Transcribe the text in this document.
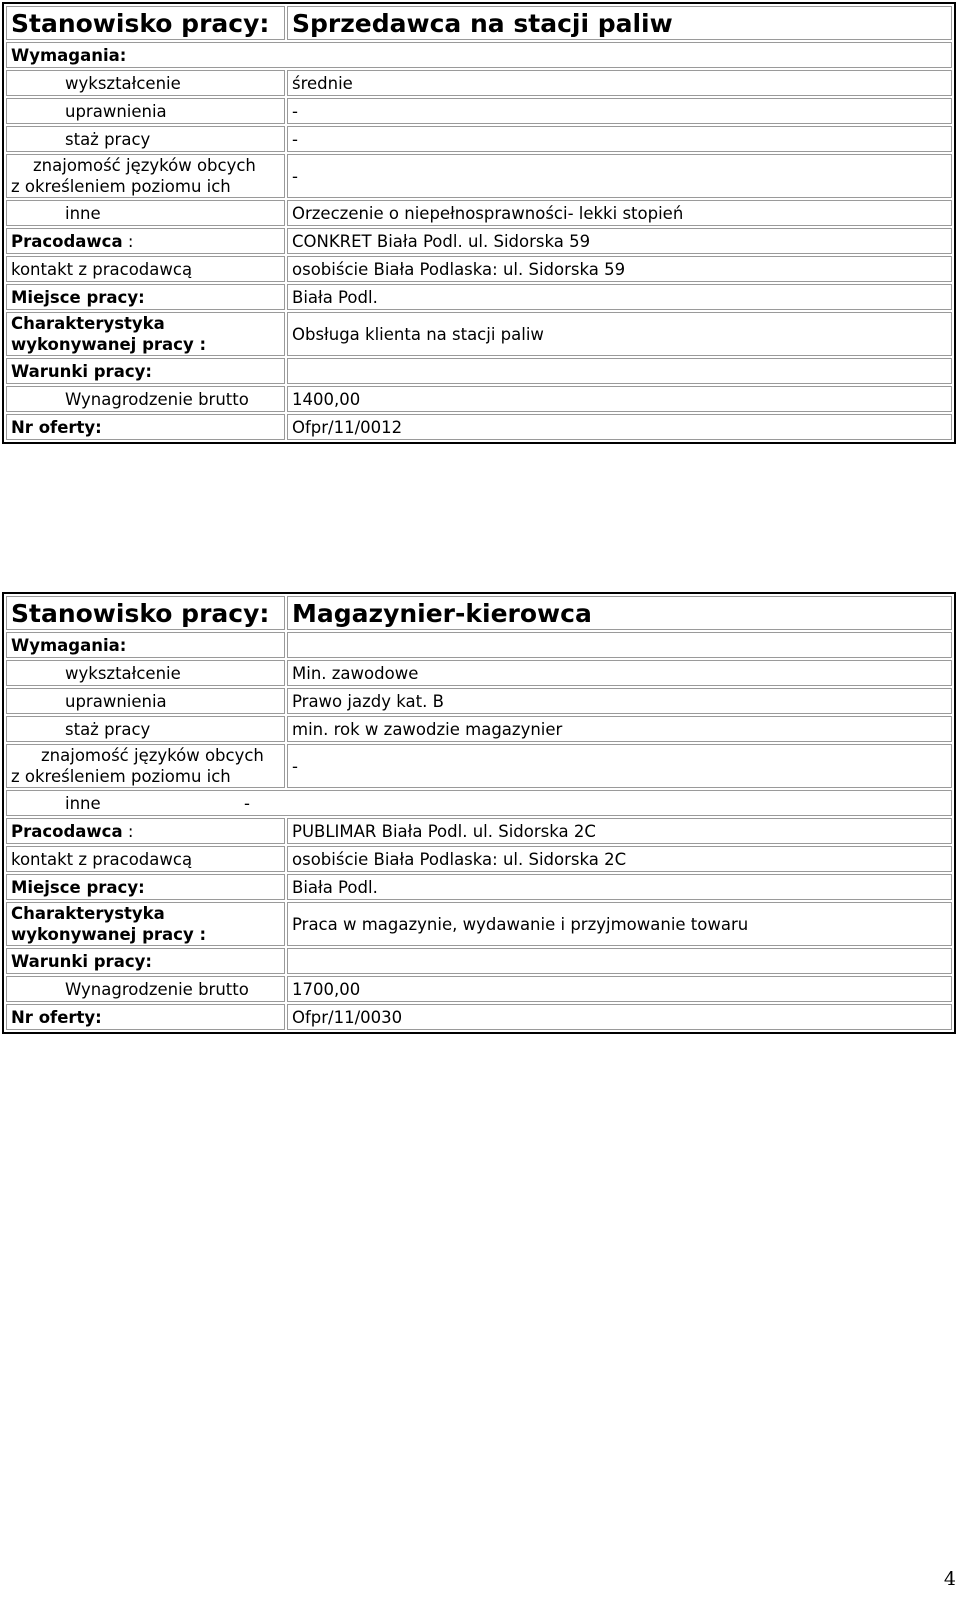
Stanowisko pracy:	Sprzedawca na stacji paliw
Wymagania:	
wykształcenie	średnie
uprawnienia	-
staż pracy	-

znajomość języków obcych
z określeniem poziomu ich	-
inne	Orzeczenie o niepełnosprawności- lekki stopień
Pracodawca :	CONKRET Biała Podl. ul. Sidorska 59
kontakt z pracodawcą	osobiście Biała Podlaska: ul. Sidorska 59
Miejsce pracy:	Biała Podl.

Charakterystyka
wykonywanej pracy :	Obsługa klienta na stacji paliw
Warunki pracy:	
Wynagrodzenie brutto	1400,00
Nr oferty:	Ofpr/11/0012
Stanowisko pracy:	Magazynier-kierowca
Wymagania:	
wykształcenie	Min. zawodowe
uprawnienia	Prawo jazdy kat. B
staż pracy	min. rok w zawodzie magazynier

znajomość języków obcych
z określeniem poziomu ich	-
inne -	
Pracodawca :	PUBLIMAR Biała Podl. ul. Sidorska 2C
kontakt z pracodawcą	osobiście Biała Podlaska: ul. Sidorska 2C
Miejsce pracy:	Biała Podl.

Charakterystyka
wykonywanej pracy :	Praca w magazynie, wydawanie i przyjmowanie towaru
Warunki pracy:	
Wynagrodzenie brutto	1700,00
Nr oferty:	Ofpr/11/0030
4
